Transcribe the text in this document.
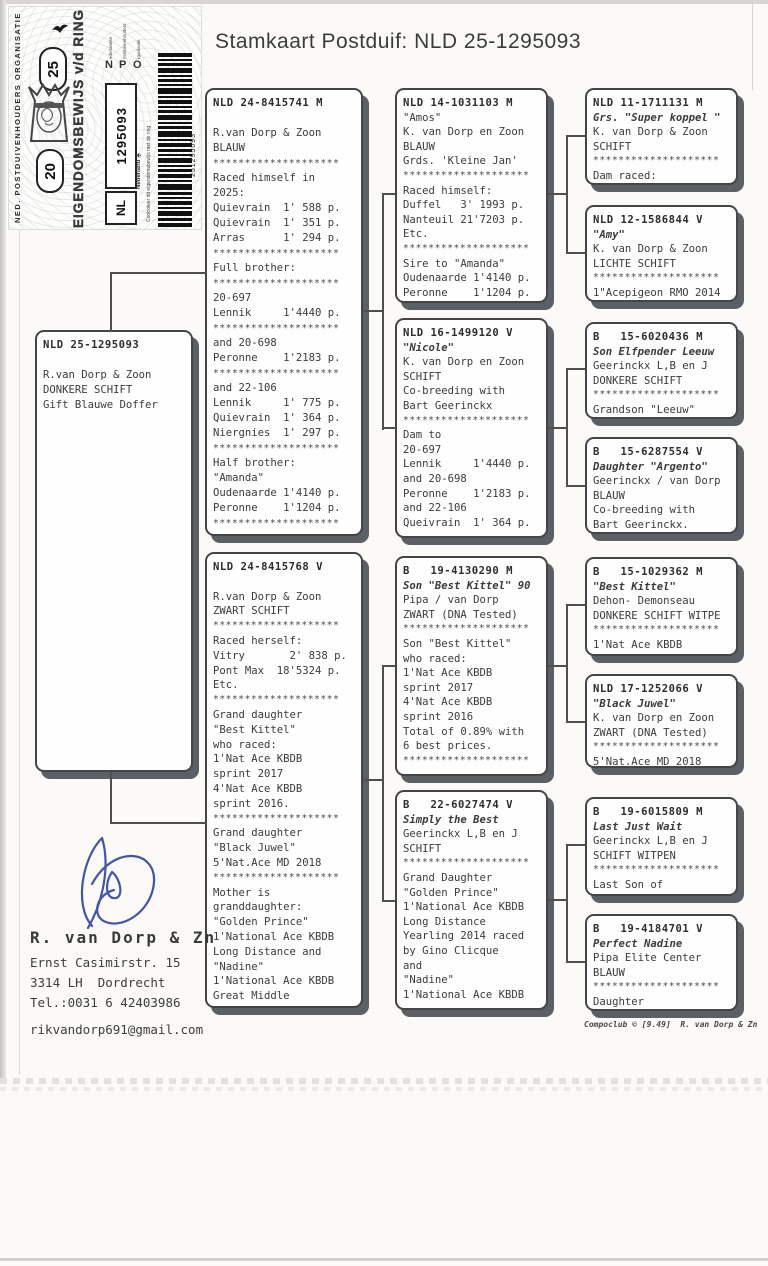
NED. POSTDUIVENHOUDERS ORGANISATIE	EIGENDOMSBEWIJS v/d RING
25
20
N P O
ederlandse ostduivenhouders rganisatie
1295093
NL
Nederland ✈ Controleer dit eigendomsbewijs met de ring	251295093
Stamkaart Postduif: NLD 25-1295093
NLD 25-1295093

R.van Dorp & Zoon
DONKERE SCHIFT
Gift Blauwe Doffer
NLD 24-8415741 M

R.van Dorp & Zoon
BLAUW
********************
Raced himself in
2025:
Quievrain  1' 588 p.
Quievrain  1' 351 p.
Arras      1' 294 p.
********************
Full brother:
********************
20-697
Lennik     1'4440 p.
********************
and 20-698
Peronne    1'2183 p.
********************
and 22-106
Lennik     1' 775 p.
Quievrain  1' 364 p.
Niergnies  1' 297 p.
********************
Half brother:
"Amanda"
Oudenaarde 1'4140 p.
Peronne    1'1204 p.
********************
NLD 24-8415768 V

R.van Dorp & Zoon
ZWART SCHIFT
********************
Raced herself:
Vitry       2' 838 p.
Pont Max  18'5324 p.
Etc.
********************
Grand daughter
"Best Kittel"
who raced:
1'Nat Ace KBDB
sprint 2017
4'Nat Ace KBDB
sprint 2016.
********************
Grand daughter
"Black Juwel"
5'Nat.Ace MD 2018
********************
Mother is
granddaughter:
"Golden Prince"
1'National Ace KBDB
Long Distance and
"Nadine"
1'National Ace KBDB
Great Middle
NLD 14-1031103 M
"Amos"
K. van Dorp en Zoon
BLAUW
Grds. 'Kleine Jan'
********************
Raced himself:
Duffel   3' 1993 p.
Nanteuil 21'7203 p.
Etc.
********************
Sire to "Amanda"
Oudenaarde 1'4140 p.
Peronne    1'1204 p.
NLD 16-1499120 V
"Nicole"
K. van Dorp en Zoon
SCHIFT
Co-breeding with
Bart Geerinckx
********************
Dam to
20-697
Lennik     1'4440 p.
and 20-698
Peronne    1'2183 p.
and 22-106
Queivrain  1' 364 p.
B   19-4130290 M
Son "Best Kittel" 90
Pipa / van Dorp
ZWART (DNA Tested)
********************
Son "Best Kittel"
who raced:
1'Nat Ace KBDB
sprint 2017
4'Nat Ace KBDB
sprint 2016
Total of 0.89% with
6 best prices.
********************
B   22-6027474 V
Simply the Best
Geerinckx L,B en J
SCHIFT
********************
Grand Daughter
"Golden Prince"
1'National Ace KBDB
Long Distance
Yearling 2014 raced
by Gino Clicque
and
"Nadine"
1'National Ace KBDB
NLD 11-1711131 M
Grs. "Super koppel "
K. van Dorp & Zoon
SCHIFT
********************
Dam raced:
NLD 12-1586844 V
"Amy"
K. van Dorp & Zoon
LICHTE SCHIFT
********************
1"Acepigeon RMO 2014
B   15-6020436 M
Son Elfpender Leeuw
Geerinckx L,B en J
DONKERE SCHIFT
********************
Grandson "Leeuw"
B   15-6287554 V
Daughter "Argento"
Geerinckx / van Dorp
BLAUW
Co-breeding with
Bart Geerinckx.
B   15-1029362 M
"Best Kittel"
Dehon- Demonseau
DONKERE SCHIFT WITPE
********************
1'Nat Ace KBDB
NLD 17-1252066 V
"Black Juwel"
K. van Dorp en Zoon
ZWART (DNA Tested)
********************
5'Nat.Ace MD 2018
B   19-6015809 M
Last Just Wait
Geerinckx L,B en J
SCHIFT WITPEN
********************
Last Son of
B   19-4184701 V
Perfect Nadine
Pipa Elite Center
BLAUW
********************
Daughter
R. van Dorp & Zn
Ernst Casimirstr. 15
3314 LH  Dordrecht
Tel.:0031 6 42403986
rikvandorp691@gmail.com	Compoclub © [9.49]  R. van Dorp & Zn
